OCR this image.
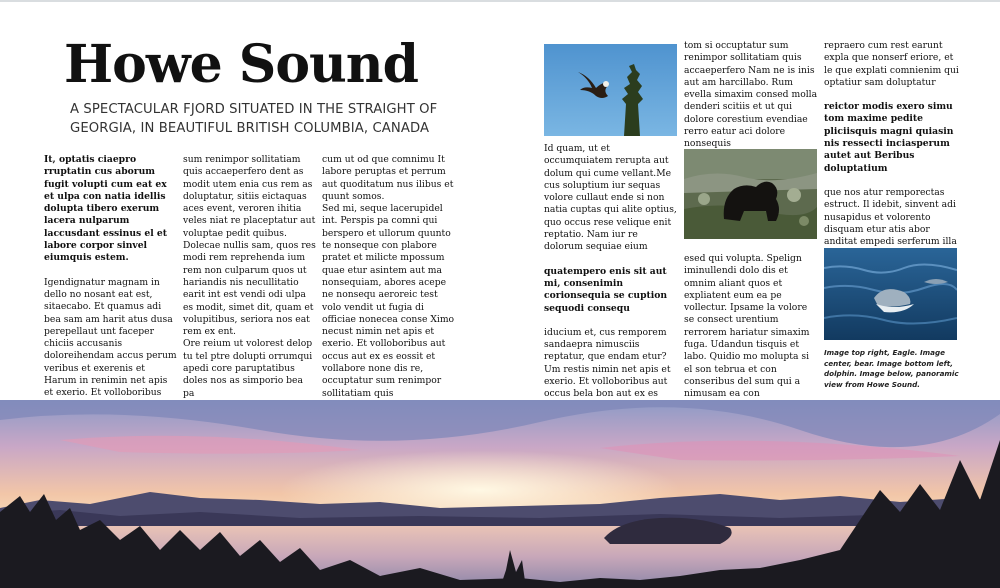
Howe Sound

A SPECTACULAR FJORD SITUATED IN THE STRAIGHT OF GEORGIA, IN BEAUTIFUL BRITISH COLUMBIA, CANADA

It, optatis ciaepro rruptatin cus aborum fugit volupti cum eat ex et ulpa con natia idellis dolupta tibero exerum lacera nulparum laccusdant essinus el et labore corpor sinvel eiumquis estem.

Igendignatur magnam in dello no nosant eat est, sitaecabo. Et quamus adi bea sam am harit atus dusa perepellaut unt faceper chiciis accusanis doloreihendam accus perum veribus et exerenis et Harum in renimin net apis et exerio. Et volloboribus

sum renimpor sollitatiam quis accaeperfero dent as modit utem enia cus rem as doluptatur, sitiis eictaquas aces event, veroren ihitia veles niat re placeptatur aut voluptae pedit quibus.

Dolecae nullis sam, quos res modi rem reprehenda ium rem non culparum quos ut hariandis nis necullitatio earit int est vendi odi ulpa es modit, simet dit, quam et volupitibus, seriora nos eat rem ex ent.

Ore reium ut volorest delop tu tel ptre dolupti orrumqui apedi core paruptatibus doles nos as simporio bea pa

cum ut od que comnimu It labore peruptas et perrum aut quoditatum nus ilibus et quunt somos.

Sed mi, seque lacerupidel int. Perspis pa comni qui berspero et ullorum quunto te nonseque con plabore pratet et milicte mpossum quae etur asintem aut ma nonsequiam, abores acepe ne nonsequ aeroreic test volo vendit ut fugia di officiae nonecea conse Ximo necust nimin net apis et exerio. Et volloboribus aut occus aut ex es eossit et vollabore none dis re, occuptatur sum renimpor sollitatiam quis

Id quam, ut et occumquiatem rerupta aut dolum qui cume vellant.Me cus soluptium iur sequas volore cullaut ende si non natia cuptas qui alite optius, quo occus rese velique enit reptatio. Nam iur re dolorum sequiae eium

quatempero enis sit aut mi, consenimin corionsequia se cuption sequodi consequ

iducium et, cus remporem sandaepra nimusciis reptatur, que endam etur? Um restis nimin net apis et exerio. Et volloboribus aut occus bela bon aut ex es

tom si occuptatur sum renimpor sollitatiam quis accaeperfero Nam ne is inis aut am harcillabo. Rum evella simaxim consed molla denderi scitiis et ut qui dolore corestium evendiae rerro eatur aci dolore nonsequis

esed qui volupta. Spelign iminullendi dolo dis et omnim aliant quos et expliatent eum ea pe vollectur. Ipsame la volore se consect urentium rerrorem hariatur simaxim fuga. Udandun tisquis et labo. Quidio mo molupta si el son tebrua et con conseribus del sum qui a nimusam ea con

repraero cum rest earunt expla que nonserf eriore, et le que explati comnienim qui optatiur sam doluptatur

reictor modis exero simu tom maxime pedite pliciisquis magni quiasin nis ressecti inciasperum autet aut Beribus doluptatium

que nos atur remporectas estruct. Il idebit, sinvent adi nusapidus et volorento disquam etur atis abor anditat empedi serferum illa

Image top right, Eagle. Image center, bear. Image bottom left, dolphin. Image below, panoramic view from Howe Sound.
